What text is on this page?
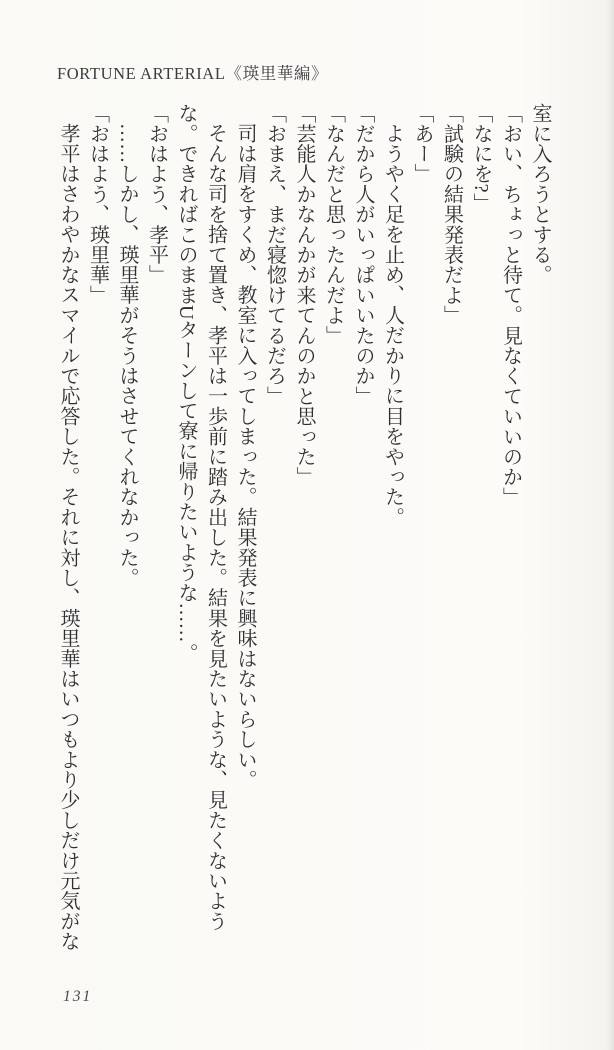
FORTUNE ARTERIAL《瑛里華編》

室に入ろうとする。

「おい、ちょっと待て。見なくていいのか」

「なにを?」

「試験の結果発表だよ」

「あー」

ようやく足を止め、人だかりに目をやった。

「だから人がいっぱいいたのか」

「なんだと思ったんだよ」

「芸能人かなんかが来てんのかと思った」

「おまえ、まだ寝惚けてるだろ」

司は肩をすくめ、教室に入ってしまった。結果発表に興味はないらしい。

そんな司を捨て置き、孝平は一歩前に踏み出した。結果を見たいような、見たくないような。できればこのままUターンして寮に帰りたいような……。

「おはよう、孝平」

……しかし、瑛里華がそうはさせてくれなかった。

「おはよう、瑛里華」

孝平はさわやかなスマイルで応答した。それに対し、瑛里華はいつもより少しだけ元気がな

131
